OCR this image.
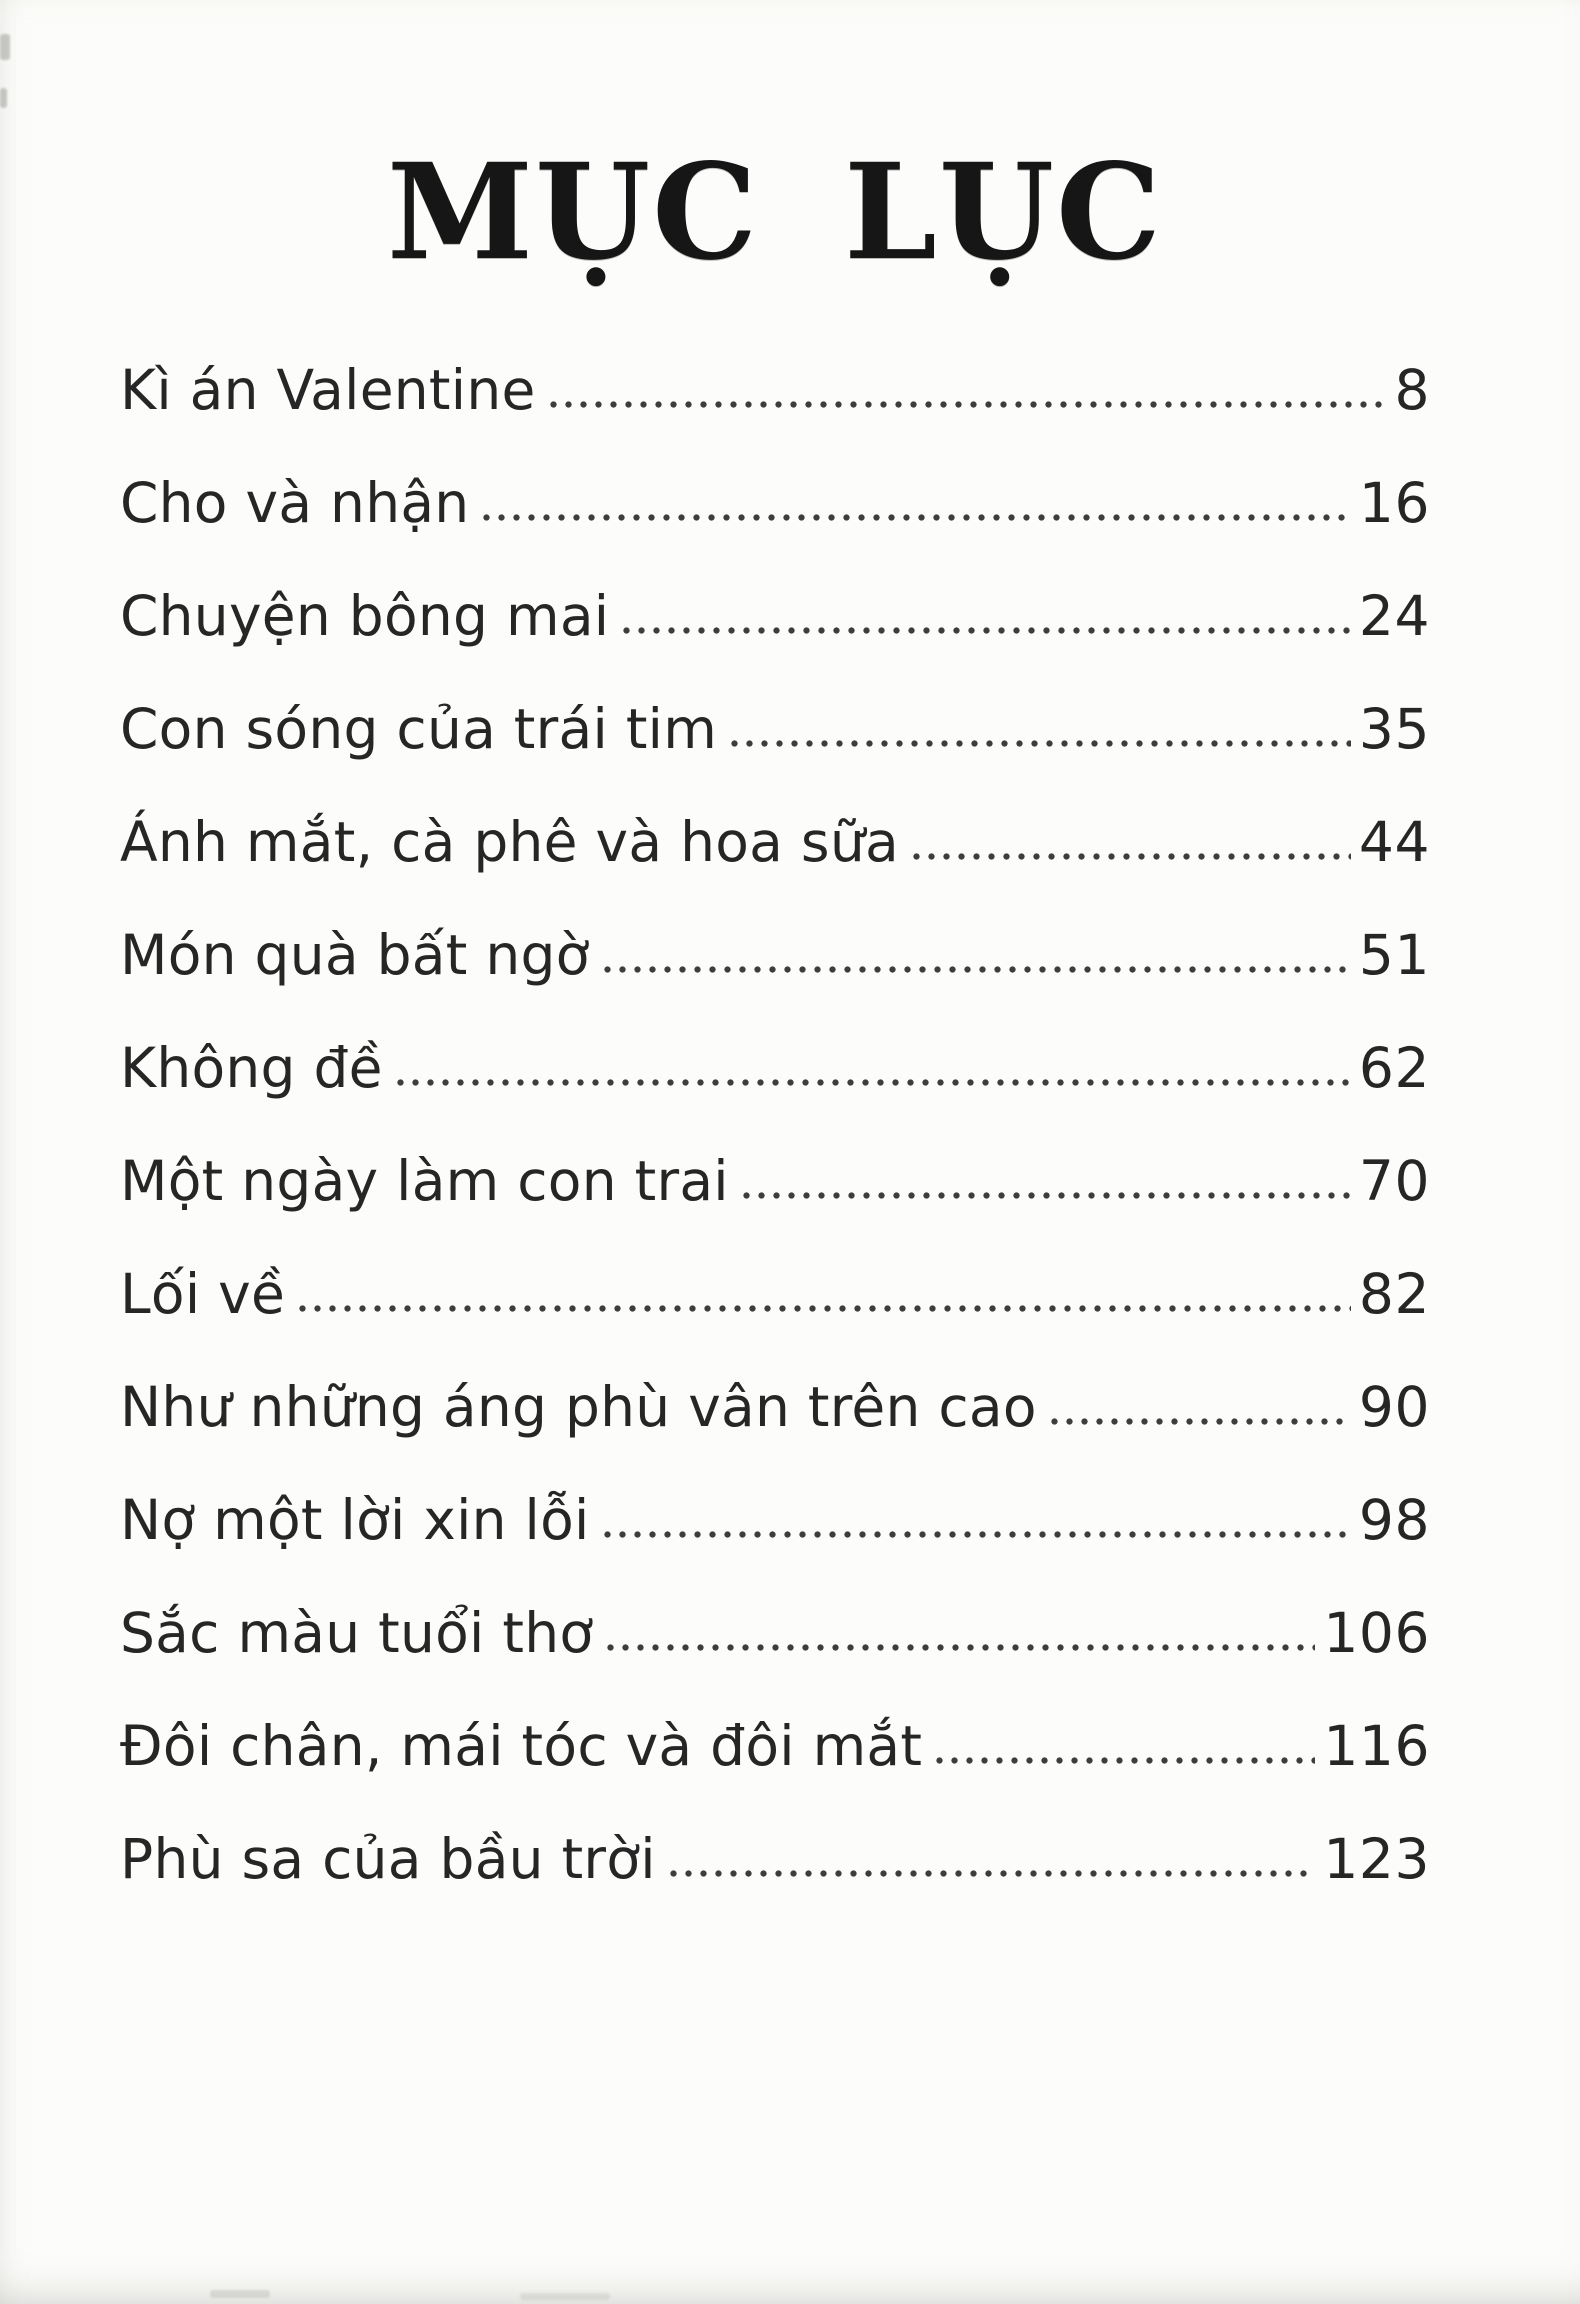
MỤC LỤC
Kì án Valentine	8
Cho và nhận	16
Chuyện bông mai	24
Con sóng của trái tim	35
Ánh mắt, cà phê và hoa sữa	44
Món quà bất ngờ	51
Không đề	62
Một ngày làm con trai	70
Lối về	82
Như những áng phù vân trên cao	90
Nợ một lời xin lỗi	98
Sắc màu tuổi thơ	106
Đôi chân, mái tóc và đôi mắt	116
Phù sa của bầu trời	123
